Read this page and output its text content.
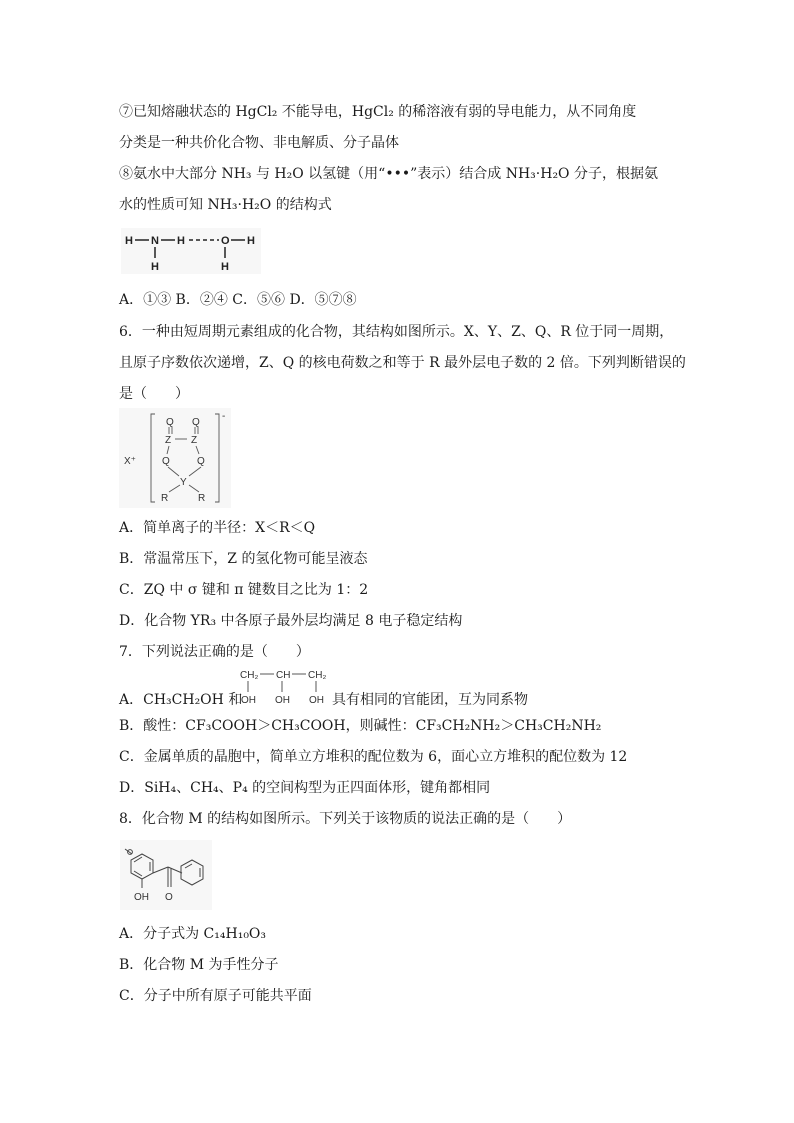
⑦已知熔融状态的 HgCl₂ 不能导电，HgCl₂ 的稀溶液有弱的导电能力，从不同角度
分类是一种共价化合物、非电解质、分子晶体
⑧氨水中大部分 NH₃ 与 H₂O 以氢键（用“•••”表示）结合成 NH₃·H₂O 分子，根据氨
水的性质可知 NH₃·H₂O 的结构式
H N H	O H
H	H
A．①③ B．②④ C．⑤⑥ D．⑤⑦⑧
6．一种由短周期元素组成的化合物，其结构如图所示。X、Y、Z、Q、R 位于同一周期，
且原子序数依次递增，Z、Q 的核电荷数之和等于 R 最外层电子数的 2 倍。下列判断错误的
是（　　）
X⁺
-
Q Q
Z Z
Q	Q
Y
R	R
A．简单离子的半径：X＜R＜Q
B．常温常压下，Z 的氢化物可能呈液态
C．ZQ 中 σ 键和 π 键数目之比为 1：2
D．化合物 YR₃ 中各原子最外层均满足 8 电子稳定结构
7．下列说法正确的是（　　）
A．CH₃CH₂OH 和
CH₂ CH CH₂
OH OH OH 具有相同的官能团，互为同系物
B．酸性：CF₃COOH＞CH₃COOH，则碱性：CF₃CH₂NH₂＞CH₃CH₂NH₂
C．金属单质的晶胞中，简单立方堆积的配位数为 6，面心立方堆积的配位数为 12
D．SiH₄、CH₄、P₄ 的空间构型为正四面体形，键角都相同
8．化合物 M 的结构如图所示。下列关于该物质的说法正确的是（　　）
OH O
A．分子式为 C₁₄H₁₀O₃
B．化合物 M 为手性分子
C．分子中所有原子可能共平面
